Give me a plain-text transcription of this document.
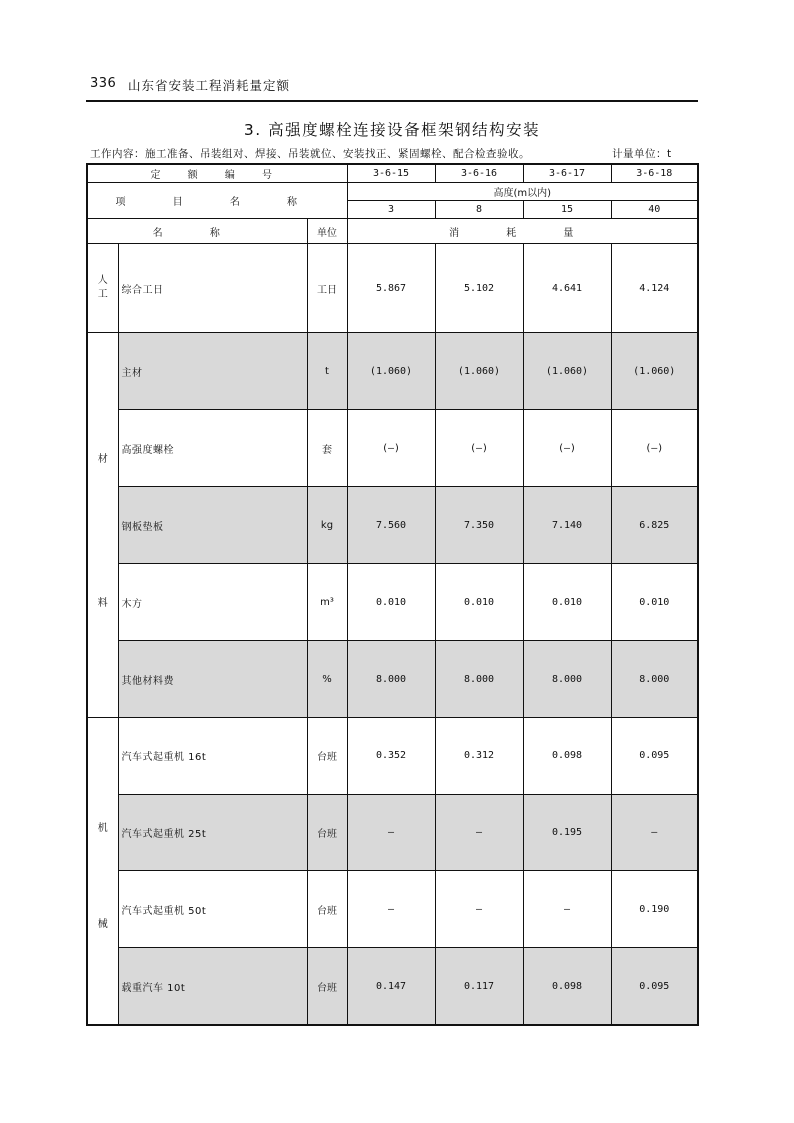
336 山东省安装工程消耗量定额
3. 高强度螺栓连接设备框架钢结构安装
工作内容：施工准备、吊装组对、焊接、吊装就位、安装找正、紧固螺栓、配合检查验收。	计量单位：t
定 额 编 号			3-6-15	3-6-16	3-6-17	3-6-18
项 目 名 称			高度(m以内)			
			3	8	15	40
名 称		单位	消 耗 量			
人工	综合工日	工日	5.867	5.102	4.641	4.124

材
料	主材	t	(1.060)	(1.060)	(1.060)	(1.060)
	高强度螺栓	套	(—)	(—)	(—)	(—)
	钢板垫板	kg	7.560	7.350	7.140	6.825
	木方	m³	0.010	0.010	0.010	0.010
	其他材料费	%	8.000	8.000	8.000	8.000

机
械	汽车式起重机 16t	台班	0.352	0.312	0.098	0.095
	汽车式起重机 25t	台班	—	—	0.195	—
	汽车式起重机 50t	台班	—	—	—	0.190
	载重汽车 10t	台班	0.147	0.117	0.098	0.095
